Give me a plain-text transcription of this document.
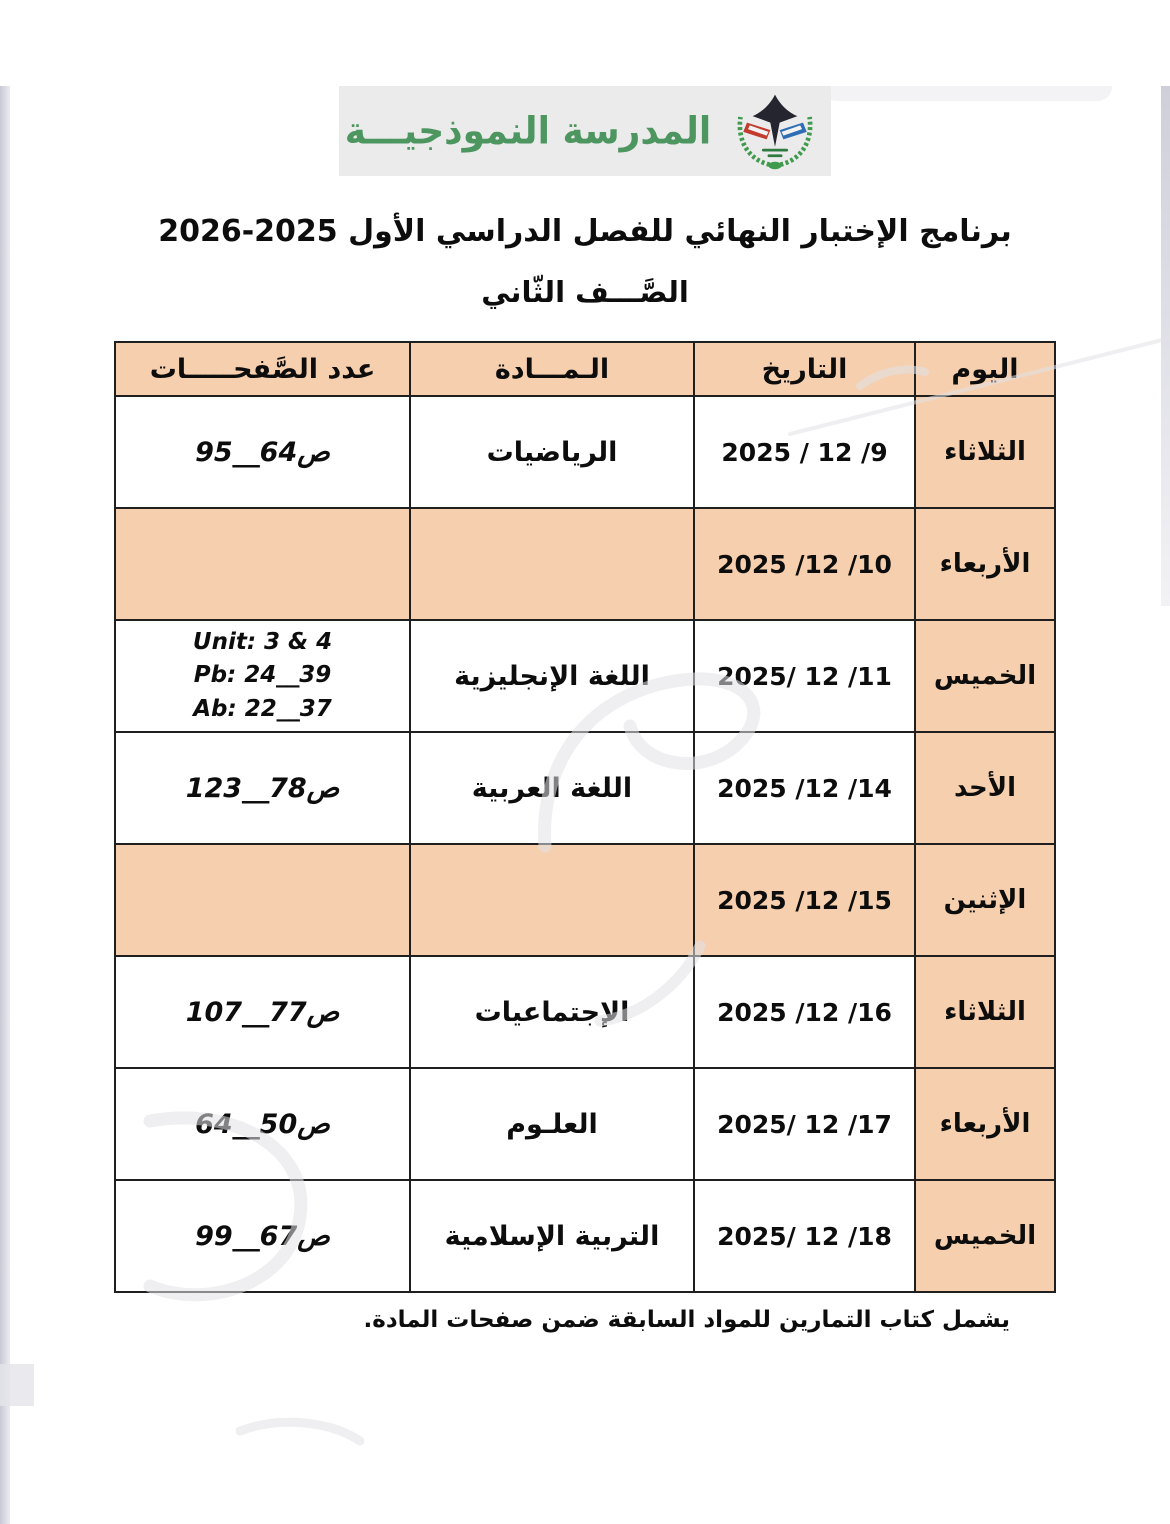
المدرسة النموذجيـــة
برنامج الإختبار النهائي للفصل الدراسي الأول 2025-2026
الصَّـــف الثّاني
اليوم	التاريخ	الـمـــادة	عدد الصَّفحـــــات
الثلاثاء	9/ 12 / 2025	الرياضيات	ص64__95
الأربعاء	10/ 12/ 2025		
الخميس	11/ 12 /2025	اللغة الإنجليزية	Unit: 3 & 4
Pb: 24__39
Ab: 22__37

الأحد	14/ 12/ 2025	اللغة العربية	ص78__123
الإثنين	15/ 12/ 2025		
الثلاثاء	16/ 12/ 2025	الإجتماعيات	ص77__107
الأربعاء	17/ 12 /2025	العلـوم	ص50__64
الخميس	18/ 12 /2025	التربية الإسلامية	ص67__99
يشمل كتاب التمارين للمواد السابقة ضمن صفحات المادة.
